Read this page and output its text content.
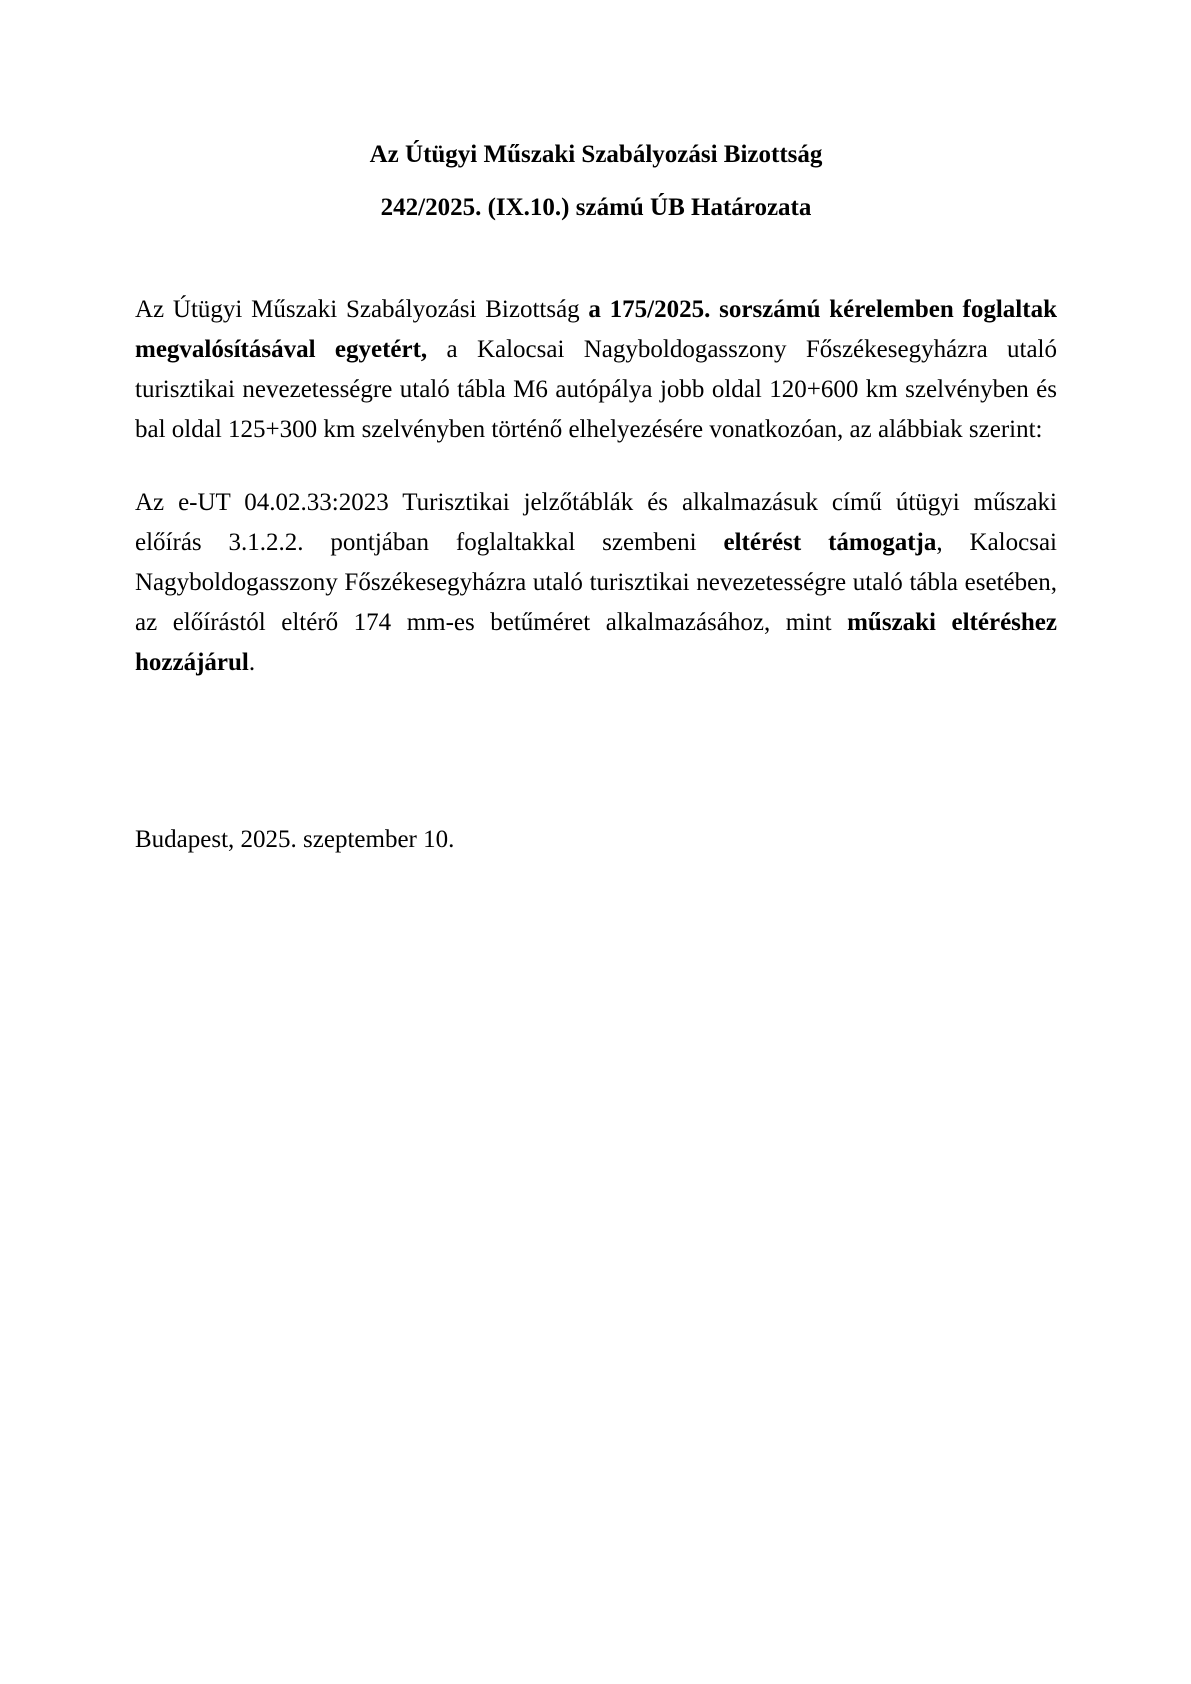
Az Útügyi Műszaki Szabályozási Bizottság

242/2025. (IX.10.) számú ÚB Határozata

Az Útügyi Műszaki Szabályozási Bizottság a 175/2025. sorszámú kérelemben foglaltak megvalósításával egyetért, a Kalocsai Nagyboldogasszony Főszékesegyházra utaló turisztikai nevezetességre utaló tábla M6 autópálya jobb oldal 120+600 km szelvényben és bal oldal 125+300 km szelvényben történő elhelyezésére vonatkozóan, az alábbiak szerint:

Az e-UT 04.02.33:2023 Turisztikai jelzőtáblák és alkalmazásuk című útügyi műszaki előírás 3.1.2.2. pontjában foglaltakkal szembeni eltérést támogatja, Kalocsai Nagyboldogasszony Főszékesegyházra utaló turisztikai nevezetességre utaló tábla esetében, az előírástól eltérő 174 mm-es betűméret alkalmazásához, mint műszaki eltéréshez hozzájárul.

Budapest, 2025. szeptember 10.
